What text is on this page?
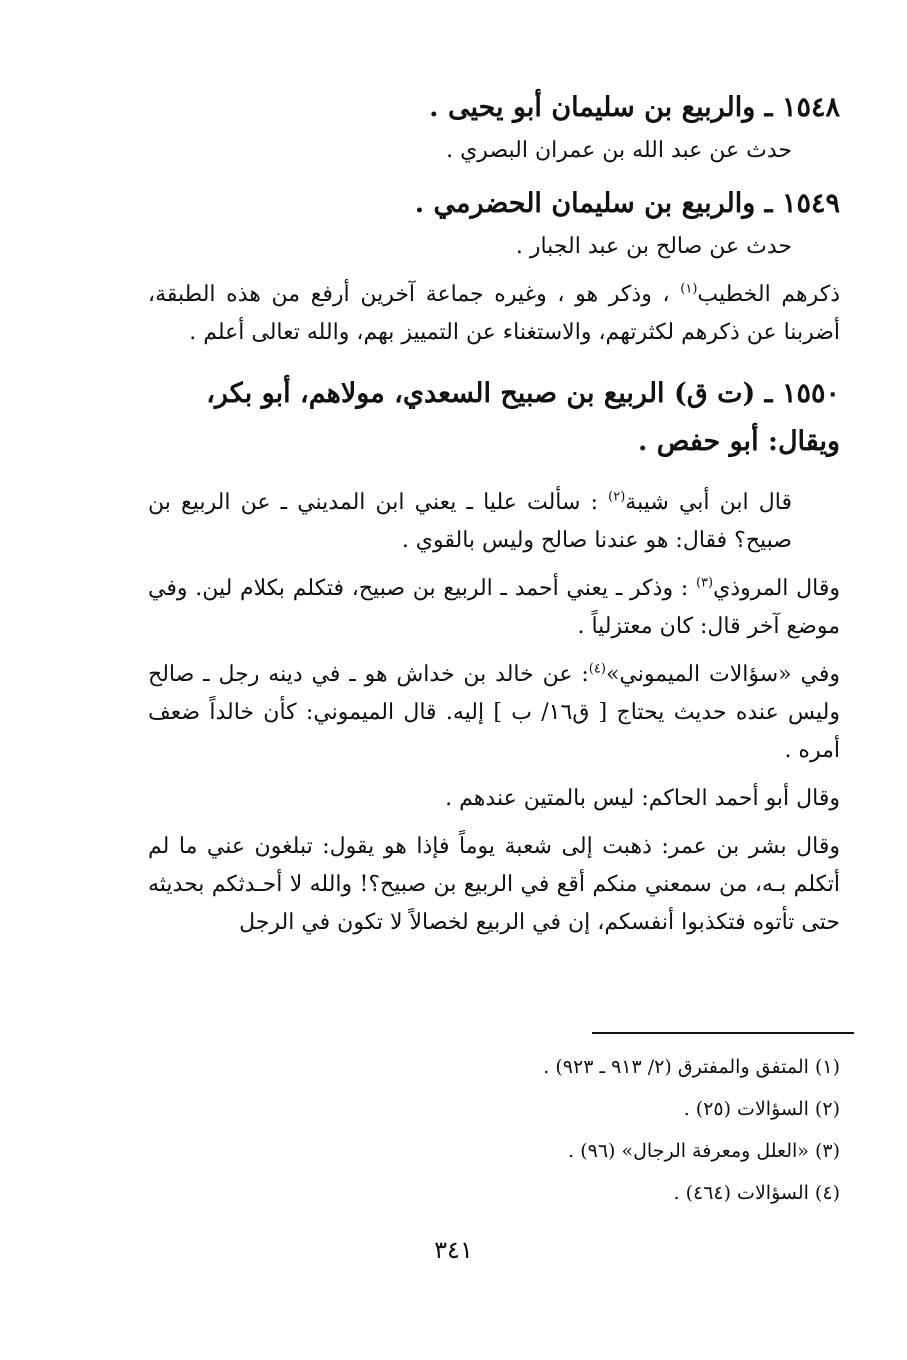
١٥٤٨ ـ والربيع بن سليمان أبو يحيى .

حدث عن عبد الله بن عمران البصري .

١٥٤٩ ـ والربيع بن سليمان الحضرمي .

حدث عن صالح بن عبد الجبار .

ذكرهم الخطيب$^{(١)}$ ، وذكر هو ، وغيره جماعة آخرين أرفع من هذه الطبقة، أضربنا عن ذكرهم لكثرتهم، والاستغناء عن التمييز بهم، والله تعالى أعلم .

١٥٥٠ ـ (ت ق) الربيع بن صبيح السعدي، مولاهم، أبو بكر، ويقال: أبو حفص .

قال ابن أبي شيبة$^{(٢)}$ : سألت عليا ـ يعني ابن المديني ـ عن الربيع بن صبيح؟ فقال: هو عندنا صالح وليس بالقوي .

وقال المروذي$^{(٣)}$ : وذكر ـ يعني أحمد ـ الربيع بن صبيح، فتكلم بكلام لين. وفي موضع آخر قال: كان معتزلياً .

وفي «سؤالات الميموني»$^{(٤)}$: عن خالد بن خداش هو ـ في دينه رجل ـ صالح وليس عنده حديث يحتاج [ ق١٦/ ب ] إليه. قال الميموني: كأن خالداً ضعف أمره .

وقال أبو أحمد الحاكم: ليس بالمتين عندهم .

وقال بشر بن عمر: ذهبت إلى شعبة يوماً فإذا هو يقول: تبلغون عني ما لم أتكلم بـه، من سمعني منكم أقع في الربيع بن صبيح؟! والله لا أحـدثكم بحديثه حتى تأتوه فتكذبوا أنفسكم، إن في الربيع لخصالاً لا تكون في الرجل

(١) المتفق والمفترق (٢/ ٩١٣ ـ ٩٢٣) .

(٢) السؤالات (٢٥) .

(٣) «العلل ومعرفة الرجال» (٩٦) .

(٤) السؤالات (٤٦٤) .

٣٤١
